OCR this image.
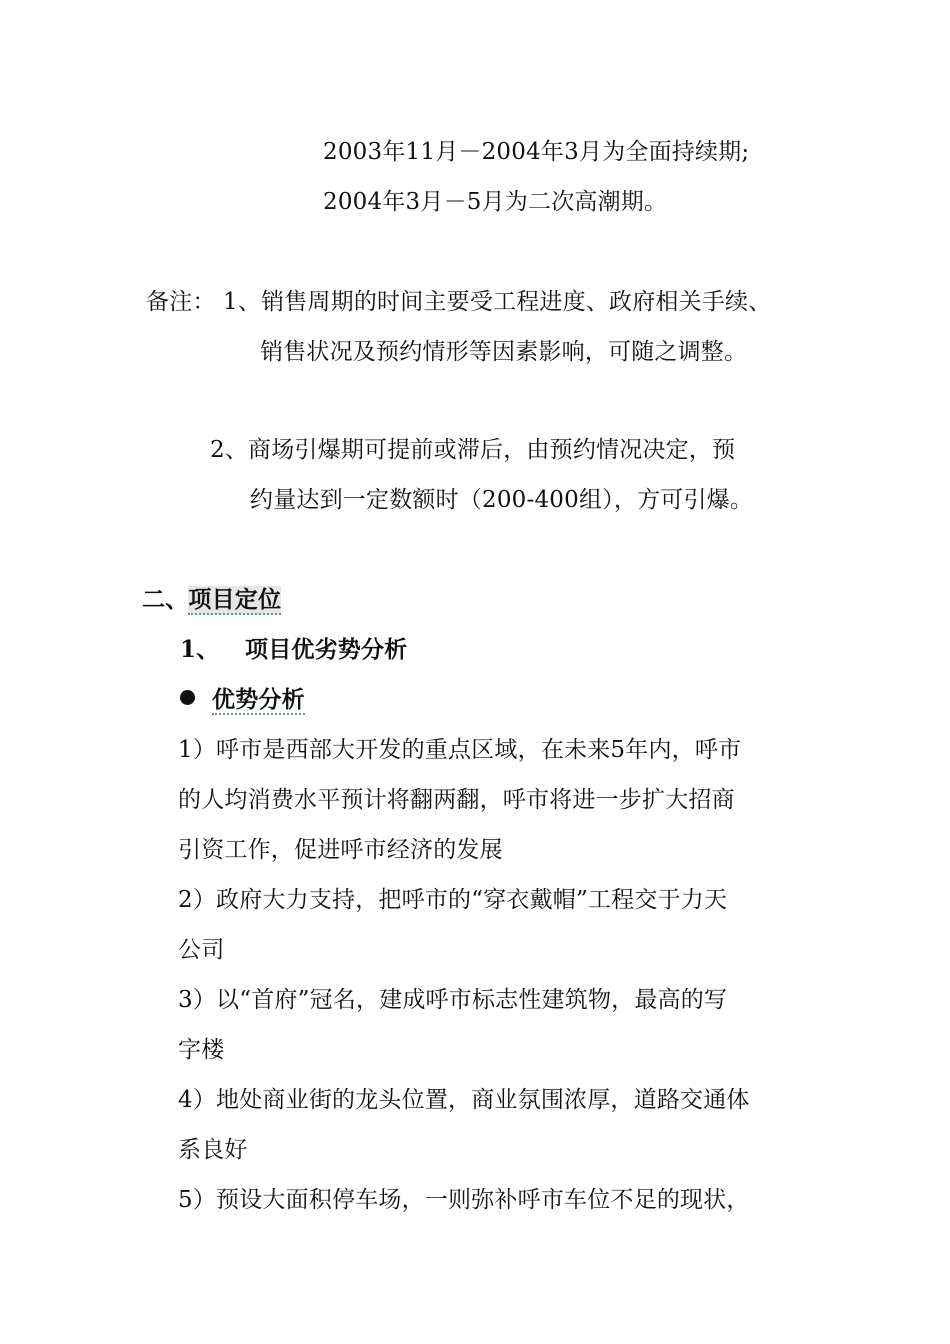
2003年11月－2004年3月为全面持续期;
2004年3月－5月为二次高潮期。
备注： 1、销售周期的时间主要受工程进度、政府相关手续、
销售状况及预约情形等因素影响，可随之调整。
2、商场引爆期可提前或滞后，由预约情况决定，预
约量达到一定数额时（200-400组），方可引爆。
二、项目定位
1、 项目优劣势分析
优势分析
1）呼市是西部大开发的重点区域，在未来5年内，呼市
的人均消费水平预计将翻两翻，呼市将进一步扩大招商
引资工作，促进呼市经济的发展
2）政府大力支持，把呼市的“穿衣戴帽”工程交于力天
公司
3）以“首府”冠名，建成呼市标志性建筑物，最高的写
字楼
4）地处商业街的龙头位置，商业氛围浓厚，道路交通体
系良好
5）预设大面积停车场，一则弥补呼市车位不足的现状，
